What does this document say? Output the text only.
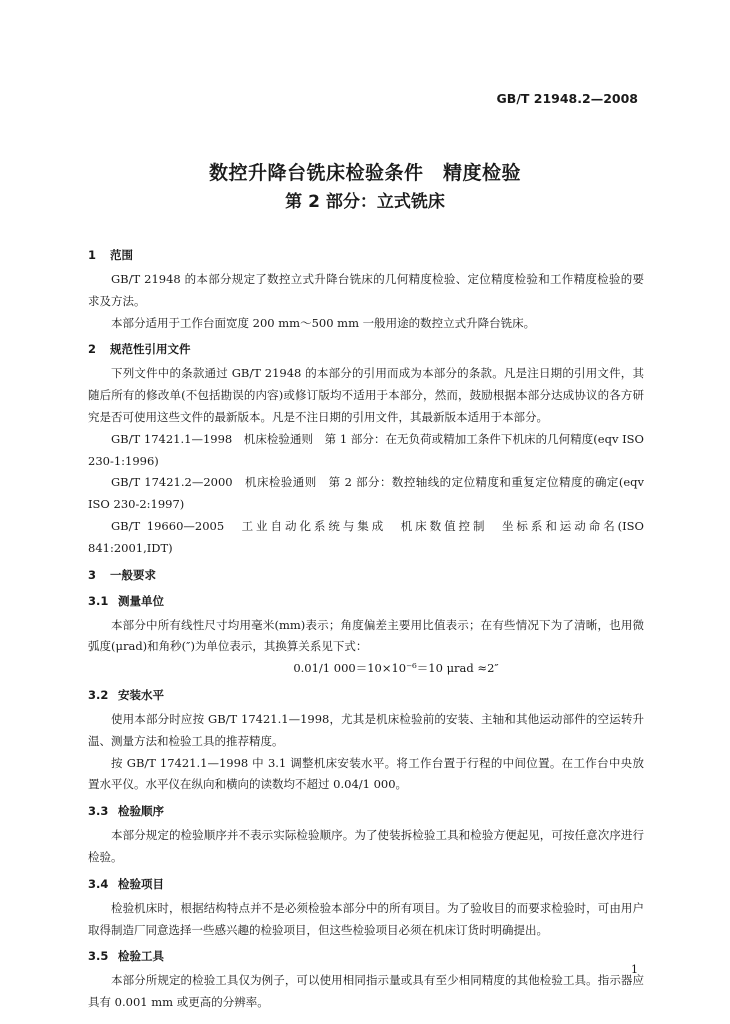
GB/T 21948.2—2008
数控升降台铣床检验条件　精度检验
第 2 部分：立式铣床
1 范围

GB/T 21948 的本部分规定了数控立式升降台铣床的几何精度检验、定位精度检验和工作精度检验的要求及方法。

本部分适用于工作台面宽度 200 mm～500 mm 一般用途的数控立式升降台铣床。

2 规范性引用文件

下列文件中的条款通过 GB/T 21948 的本部分的引用而成为本部分的条款。凡是注日期的引用文件，其随后所有的修改单(不包括勘误的内容)或修订版均不适用于本部分，然而，鼓励根据本部分达成协议的各方研究是否可使用这些文件的最新版本。凡是不注日期的引用文件，其最新版本适用于本部分。

GB/T 17421.1—1998　机床检验通则　第 1 部分：在无负荷或精加工条件下机床的几何精度(eqv ISO 230-1:1996)

GB/T 17421.2—2000　机床检验通则　第 2 部分：数控轴线的定位精度和重复定位精度的确定(eqv ISO 230-2:1997)

GB/T 19660—2005　工业自动化系统与集成　机床数值控制　坐标系和运动命名(ISO 841:2001,IDT)

3 一般要求
3.1 测量单位

本部分中所有线性尺寸均用毫米(mm)表示；角度偏差主要用比值表示；在有些情况下为了清晰，也用微弧度(μrad)和角秒(″)为单位表示，其换算关系见下式：

0.01/1 000＝10×10⁻⁶＝10 μrad ≈2″

3.2 安装水平

使用本部分时应按 GB/T 17421.1—1998，尤其是机床检验前的安装、主轴和其他运动部件的空运转升温、测量方法和检验工具的推荐精度。

按 GB/T 17421.1—1998 中 3.1 调整机床安装水平。将工作台置于行程的中间位置。在工作台中央放置水平仪。水平仪在纵向和横向的读数均不超过 0.04/1 000。

3.3 检验顺序

本部分规定的检验顺序并不表示实际检验顺序。为了使装拆检验工具和检验方便起见，可按任意次序进行检验。

3.4 检验项目

检验机床时，根据结构特点并不是必须检验本部分中的所有项目。为了验收目的而要求检验时，可由用户取得制造厂同意选择一些感兴趣的检验项目，但这些检验项目必须在机床订货时明确提出。

3.5 检验工具

本部分所规定的检验工具仅为例子，可以使用相同指示量或具有至少相同精度的其他检验工具。指示器应具有 0.001 mm 或更高的分辨率。

1
